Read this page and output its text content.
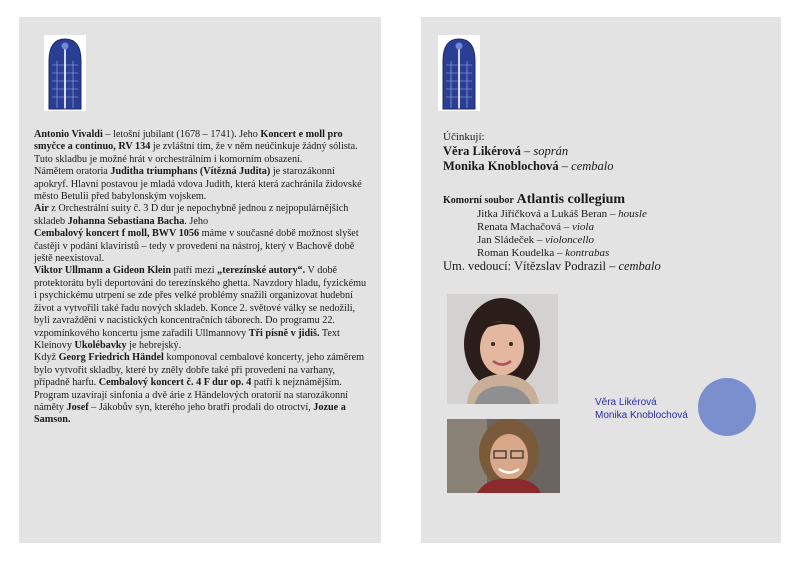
Antonio Vivaldi – letošní jubilant (1678 – 1741). Jeho Koncert e moll pro smyčce a continuo, RV 134 je zvláštní tím, že v něm neúčinkuje žádný sólista. Tuto skladbu je možné hrát v orchestrálním i komorním obsazení.

Námětem oratoria Juditha triumphans (Vítězná Judita) je starozákonní apokryf. Hlavní postavou je mladá vdova Judith, která která zachránila židovské město Betulii před babylonským vojskem.

Air z Orchestrální suity č. 3 D dur je nepochybně jednou z nejpopulárnějších skladeb Johanna Sebastiana Bacha. Jeho
Cembalový koncert f moll, BWV 1056 máme v současné době možnost slyšet častěji v podání klavíristů – tedy v provedení na nástroj, který v Bachově době ještě neexistoval.

Viktor Ullmann a Gideon Klein patří mezi „terezínské autory“. V době protektorátu byli deportováni do terezínského ghetta. Navzdory hladu, fyzickému i psychickému utrpení se zde přes velké problémy snažili organizovat hudební život a vytvořili také řadu nových skladeb. Konce 2. světové války se nedožili, byli zavražděni v nacistických koncentračních táborech. Do programu 22. vzpomínkového koncertu jsme zařadili Ullmannovy Tři písně v jidiš. Text Kleinovy Ukolébavky je hebrejský.

Když Georg Friedrich Händel komponoval cembalové koncerty, jeho záměrem bylo vytvořit skladby, které by zněly dobře také při provedení na varhany, případně harfu. Cembalový koncert č. 4 F dur op. 4 patří k nejznámějším.

Program uzavírají sinfonia a dvě árie z Händelových oratorií na starozákonní náměty Josef – Jákobův syn, kterého jeho bratři prodali do otroctví, Jozue a Samson.

Účinkují:
Věra Likérová – soprán
Monika Knoblochová – cembalo
Komorní soubor Atlantis collegium
Jitka Jiříčková a Lukáš Beran – housle
Renata Machačová – viola
Jan Sládeček – violoncello
Roman Koudelka – kontrabas
Um. vedoucí: Vítězslav Podrazil – cembalo
Věra Likérová
Monika Knoblochová
